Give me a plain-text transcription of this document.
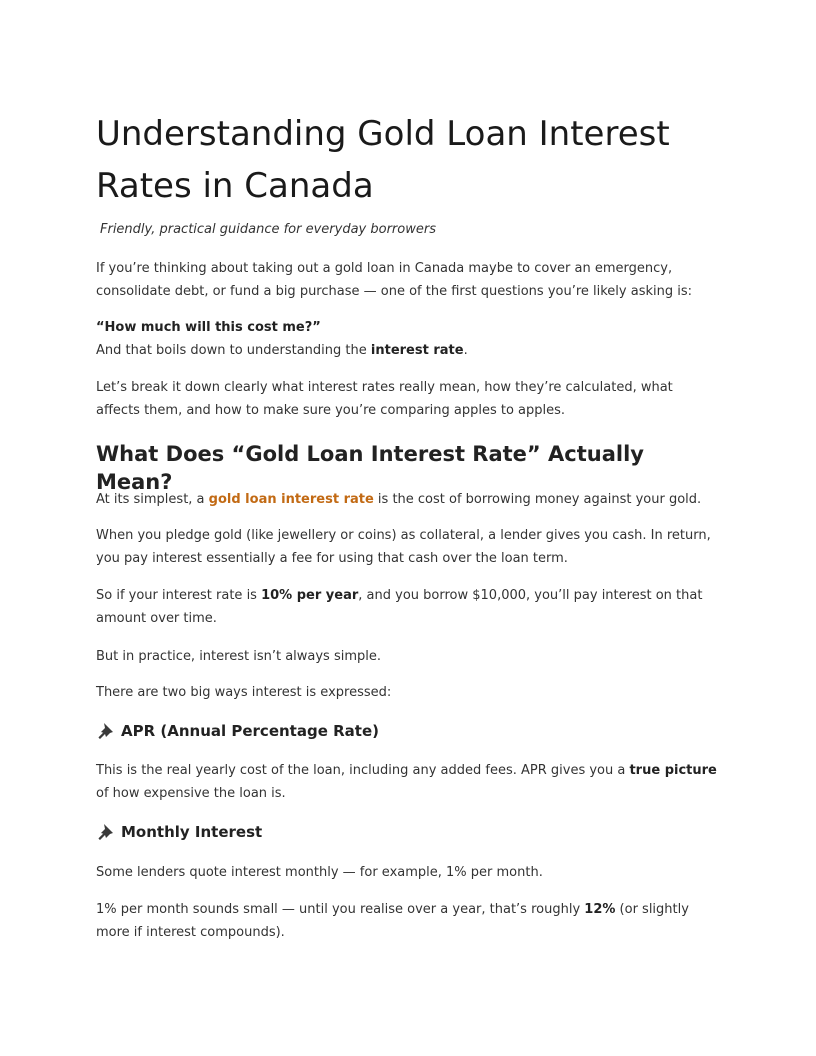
Understanding Gold Loan Interest Rates in Canada

Friendly, practical guidance for everyday borrowers

If you’re thinking about taking out a gold loan in Canada maybe to cover an emergency, consolidate debt, or fund a big purchase — one of the first questions you’re likely asking is:

“How much will this cost me?”
And that boils down to understanding the interest rate.

Let’s break it down clearly what interest rates really mean, how they’re calculated, what affects them, and how to make sure you’re comparing apples to apples.

What Does “Gold Loan Interest Rate” Actually Mean?

At its simplest, a gold loan interest rate is the cost of borrowing money against your gold.

When you pledge gold (like jewellery or coins) as collateral, a lender gives you cash. In return, you pay interest essentially a fee for using that cash over the loan term.

So if your interest rate is 10% per year, and you borrow $10,000, you’ll pay interest on that amount over time.

But in practice, interest isn’t always simple.

There are two big ways interest is expressed:

APR (Annual Percentage Rate)

This is the real yearly cost of the loan, including any added fees. APR gives you a true picture of how expensive the loan is.

Monthly Interest

Some lenders quote interest monthly — for example, 1% per month.

1% per month sounds small — until you realise over a year, that’s roughly 12% (or slightly more if interest compounds).
